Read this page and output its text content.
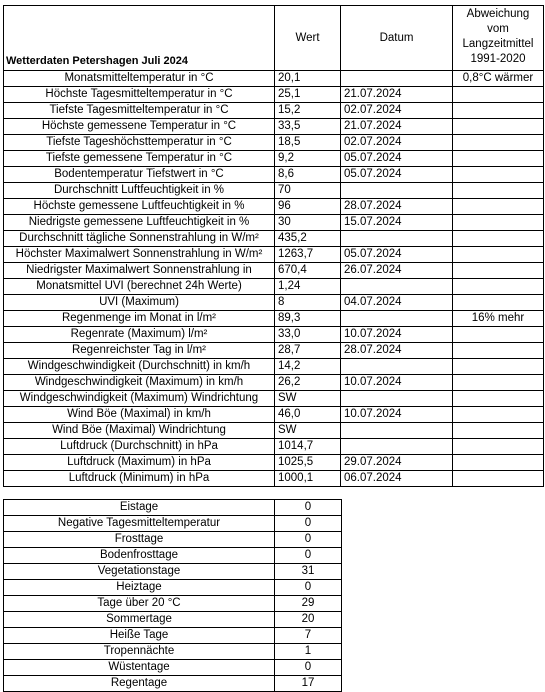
Wetterdaten Petershagen Juli 2024	Wert	Datum	Abweichung
vom
Langzeitmittel
1991-2020

Monatsmitteltemperatur in °C	20,1		0,8°C wärmer
Höchste Tagesmitteltemperatur in °C	25,1	21.07.2024	
Tiefste Tagesmitteltemperatur in °C	15,2	02.07.2024	
Höchste gemessene Temperatur in °C	33,5	21.07.2024	
Tiefste Tageshöchsttemperatur in °C	18,5	02.07.2024	
Tiefste gemessene Temperatur in °C	9,2	05.07.2024	
Bodentemperatur Tiefstwert in °C	8,6	05.07.2024	
Durchschnitt Luftfeuchtigkeit in %	70		
Höchste gemessene Luftfeuchtigkeit in %	96	28.07.2024	
Niedrigste gemessene Luftfeuchtigkeit in %	30	15.07.2024	
Durchschnitt tägliche Sonnenstrahlung in W/m²	435,2		
Höchster Maximalwert Sonnenstrahlung in W/m²	1263,7	05.07.2024	
Niedrigster Maximalwert Sonnenstrahlung in	670,4	26.07.2024	
Monatsmittel UVI (berechnet 24h Werte)	1,24		
UVI (Maximum)	8	04.07.2024	
Regenmenge im Monat in l/m²	89,3		16% mehr
Regenrate (Maximum) l/m²	33,0	10.07.2024	
Regenreichster Tag in l/m²	28,7	28.07.2024	
Windgeschwindigkeit (Durchschnitt) in km/h	14,2		
Windgeschwindigkeit (Maximum) in km/h	26,2	10.07.2024	
Windgeschwindigkeit (Maximum) Windrichtung	SW		
Wind Böe (Maximal) in km/h	46,0	10.07.2024	
Wind Böe (Maximal) Windrichtung	SW		
Luftdruck (Durchschnitt) in hPa	1014,7		
Luftdruck (Maximum) in hPa	1025,5	29.07.2024	
Luftdruck (Minimum) in hPa	1000,1	06.07.2024	
Eistage	0
Negative Tagesmitteltemperatur	0
Frosttage	0
Bodenfrosttage	0
Vegetationstage	31
Heiztage	0
Tage über 20 °C	29
Sommertage	20
Heiße Tage	7
Tropennächte	1
Wüstentage	0
Regentage	17
